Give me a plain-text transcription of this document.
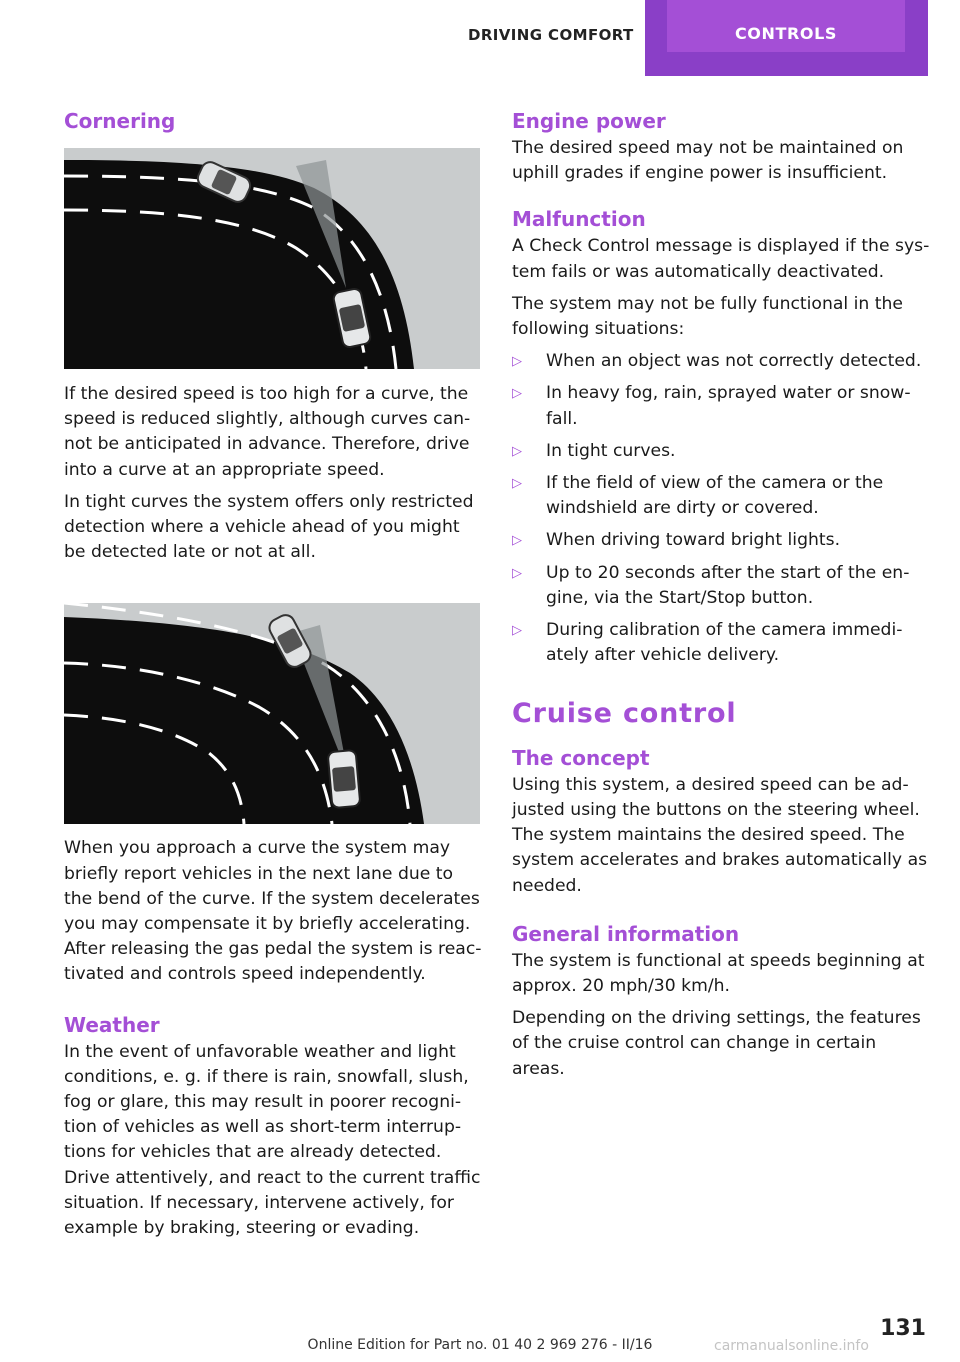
DRIVING COMFORT	CONTROLS
Cornering

If the desired speed is too high for a curve, the speed is reduced slightly, although curves cannot be anticipated in advance. Therefore, drive into a curve at an appropriate speed.

In tight curves the system offers only restricted detection where a vehicle ahead of you might be detected late or not at all.

When you approach a curve the system may briefly report vehicles in the next lane due to the bend of the curve. If the system decelerates you may compensate it by briefly accelerating. After releasing the gas pedal the system is reactivated and controls speed independently.

Weather

In the event of unfavorable weather and light conditions, e. g. if there is rain, snowfall, slush, fog or glare, this may result in poorer recognition of vehicles as well as short-term interruptions for vehicles that are already detected. Drive attentively, and react to the current traffic situation. If necessary, intervene actively, for example by braking, steering or evading.

Engine power

The desired speed may not be maintained on uphill grades if engine power is insufficient.

Malfunction

A Check Control message is displayed if the system fails or was automatically deactivated.

The system may not be fully functional in the following situations:

▷ When an object was not correctly detected.
▷ In heavy fog, rain, sprayed water or snowfall.
▷ In tight curves.
▷ If the field of view of the camera or the windshield are dirty or covered.
▷ When driving toward bright lights.
▷ Up to 20 seconds after the start of the engine, via the Start/Stop button.
▷ During calibration of the camera immediately after vehicle delivery.
Cruise control
The concept

Using this system, a desired speed can be adjusted using the buttons on the steering wheel. The system maintains the desired speed. The system accelerates and brakes automatically as needed.

General information

The system is functional at speeds beginning at approx. 20 mph/30 km/h.

Depending on the driving settings, the features of the cruise control can change in certain areas.

131
Online Edition for Part no. 01 40 2 969 276 - II/16	carmanualsonline.info
